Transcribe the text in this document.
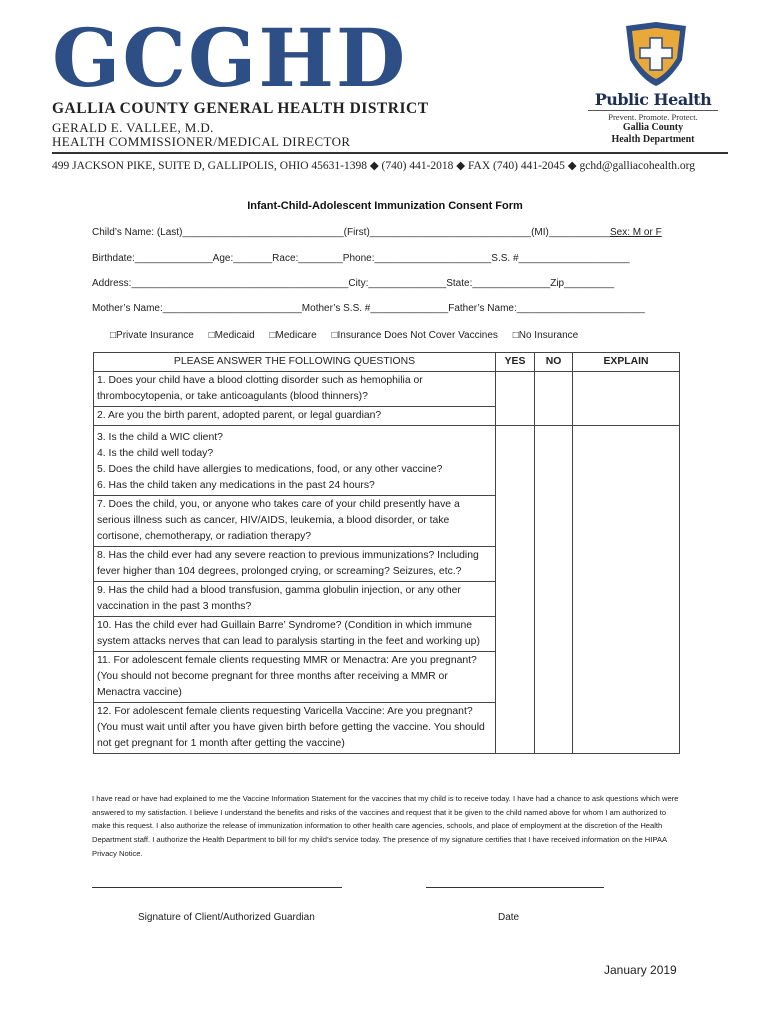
GCGHD
GALLIA COUNTY GENERAL HEALTH DISTRICT
GERALD E. VALLEE, M.D.
HEALTH COMMISSIONER/MEDICAL DIRECTOR
499 JACKSON PIKE, SUITE D, GALLIPOLIS, OHIO 45631-1398 ◆ (740) 441-2018 ◆ FAX (740) 441-2045 ◆ gchd@galliacohealth.org
Public Health
Prevent. Promote. Protect.
Gallia County
Health Department
Infant-Child-Adolescent Immunization Consent Form
Child’s Name: (Last)_____________________________(First)_____________________________(MI)___________Sex: M or F
Birthdate:______________Age:_______Race:________Phone:_____________________S.S. #____________________
Address:_______________________________________City:______________State:______________Zip_________
Mother’s Name:_________________________Mother’s S.S. #______________Father’s Name:_______________________
□Private Insurance □Medicaid □Medicare □Insurance Does Not Cover Vaccines □No Insurance
PLEASE ANSWER THE FOLLOWING QUESTIONS	YES	NO	EXPLAIN
1. Does your child have a blood clotting disorder such as hemophilia or thrombocytopenia, or take anticoagulants (blood thinners)?			
2. Are you the birth parent, adopted parent, or legal guardian?			

3. Is the child a WIC client?
4. Is the child well today?
5. Does the child have allergies to medications, food, or any other vaccine?
6. Has the child taken any medications in the past 24 hours?			

7. Does the child, you, or anyone who takes care of your child presently have a serious illness such as cancer, HIV/AIDS, leukemia, a blood disorder, or take cortisone, chemotherapy, or radiation therapy?			
8. Has the child ever had any severe reaction to previous immunizations? Including fever higher than 104 degrees, prolonged crying, or screaming? Seizures, etc.?			
9. Has the child had a blood transfusion, gamma globulin injection, or any other vaccination in the past 3 months?			
10. Has the child ever had Guillain Barre’ Syndrome? (Condition in which immune system attacks nerves that can lead to paralysis starting in the feet and working up)			
11. For adolescent female clients requesting MMR or Menactra: Are you pregnant? (You should not become pregnant for three months after receiving a MMR or Menactra vaccine)			
12. For adolescent female clients requesting Varicella Vaccine: Are you pregnant? (You must wait until after you have given birth before getting the vaccine. You should not get pregnant for 1 month after getting the vaccine)			
I have read or have had explained to me the Vaccine Information Statement for the vaccines that my child is to receive today. I have had a chance to ask questions which were answered to my satisfaction. I believe I understand the benefits and risks of the vaccines and request that it be given to the child named above for whom I am authorized to make this request. I also authorize the release of immunization information to other health care agencies, schools, and place of employment at the discretion of the Health Department staff. I authorize the Health Department to bill for my child’s service today. The presence of my signature certifies that I have received information on the HIPAA Privacy Notice.
Signature of Client/Authorized Guardian	Date
January 2019
